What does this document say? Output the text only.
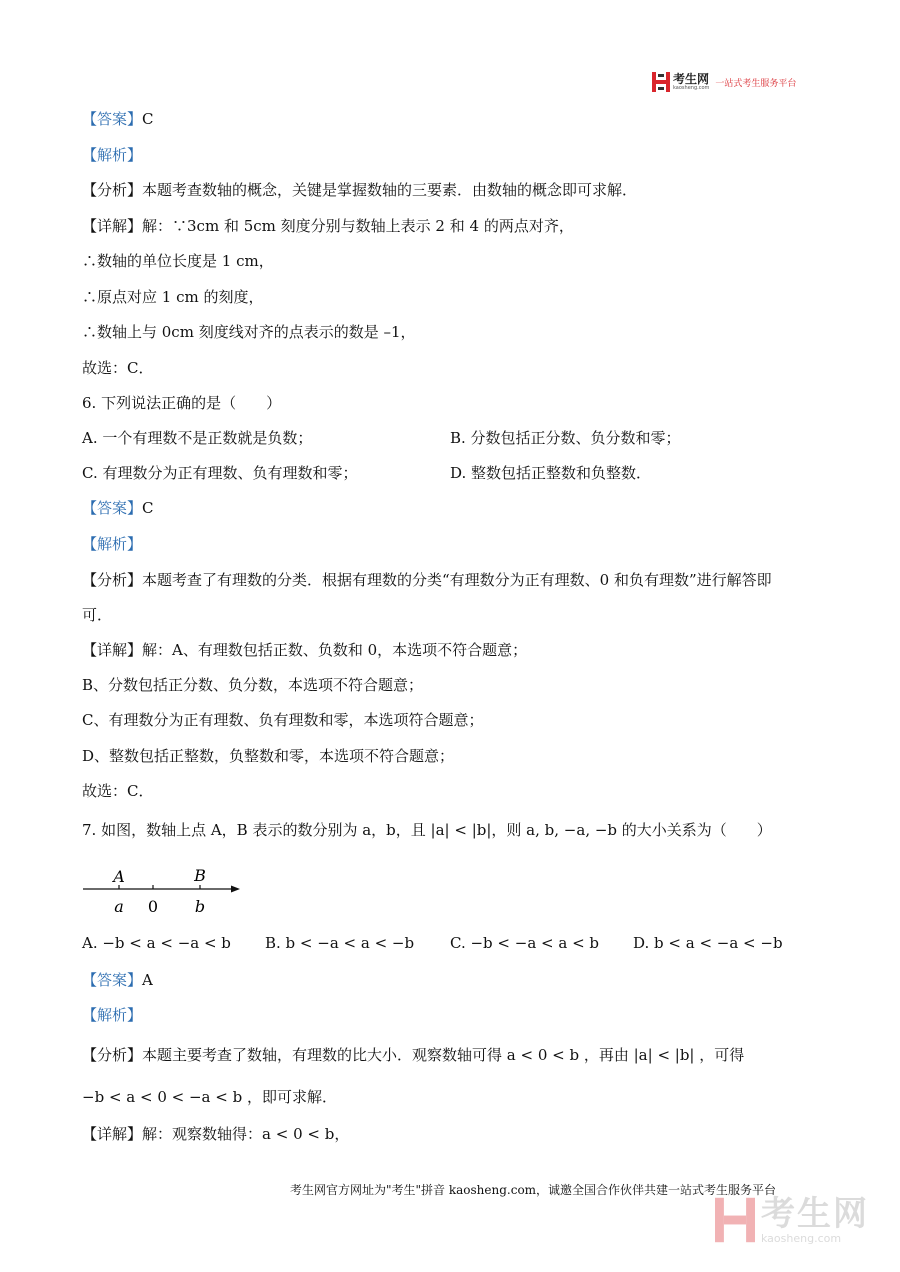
考生网
kaosheng.com 一站式考生服务平台
【答案】C
【解析】
【分析】本题考查数轴的概念，关键是掌握数轴的三要素．由数轴的概念即可求解．
【详解】解：∵3cm 和 5cm 刻度分别与数轴上表示 2 和 4 的两点对齐，
∴数轴的单位长度是 1 cm，
∴原点对应 1 cm 的刻度，
∴数轴上与 0cm 刻度线对齐的点表示的数是 –1，
故选：C．
6. 下列说法正确的是（　　）
A. 一个有理数不是正数就是负数；	B. 分数包括正分数、负分数和零；
C. 有理数分为正有理数、负有理数和零；	D. 整数包括正整数和负整数．
【答案】C
【解析】
【分析】本题考查了有理数的分类．根据有理数的分类“有理数分为正有理数、0 和负有理数”进行解答即
可．
【详解】解：A、有理数包括正数、负数和 0，本选项不符合题意；
B、分数包括正分数、负分数，本选项不符合题意；
C、有理数分为正有理数、负有理数和零，本选项符合题意；
D、整数包括正整数，负整数和零，本选项不符合题意；
故选：C．
7. 如图，数轴上点 A，B 表示的数分别为 a，b，且 |a| < |b|，则 a, b, −a, −b 的大小关系为（　　）
A	B
a 0 b
A. −b < a < −a < b B. b < −a < a < −b C. −b < −a < a < b D. b < a < −a < −b
【答案】A
【解析】
【分析】本题主要考查了数轴，有理数的比大小．观察数轴可得 a < 0 < b ，再由 |a| < |b| ，可得
−b < a < 0 < −a < b ，即可求解．
【详解】解：观察数轴得：a < 0 < b，
考生网官方网址为"考生"拼音 kaosheng.com，诚邀全国合作伙伴共建一站式考生服务平台
考生网
kaosheng.com
